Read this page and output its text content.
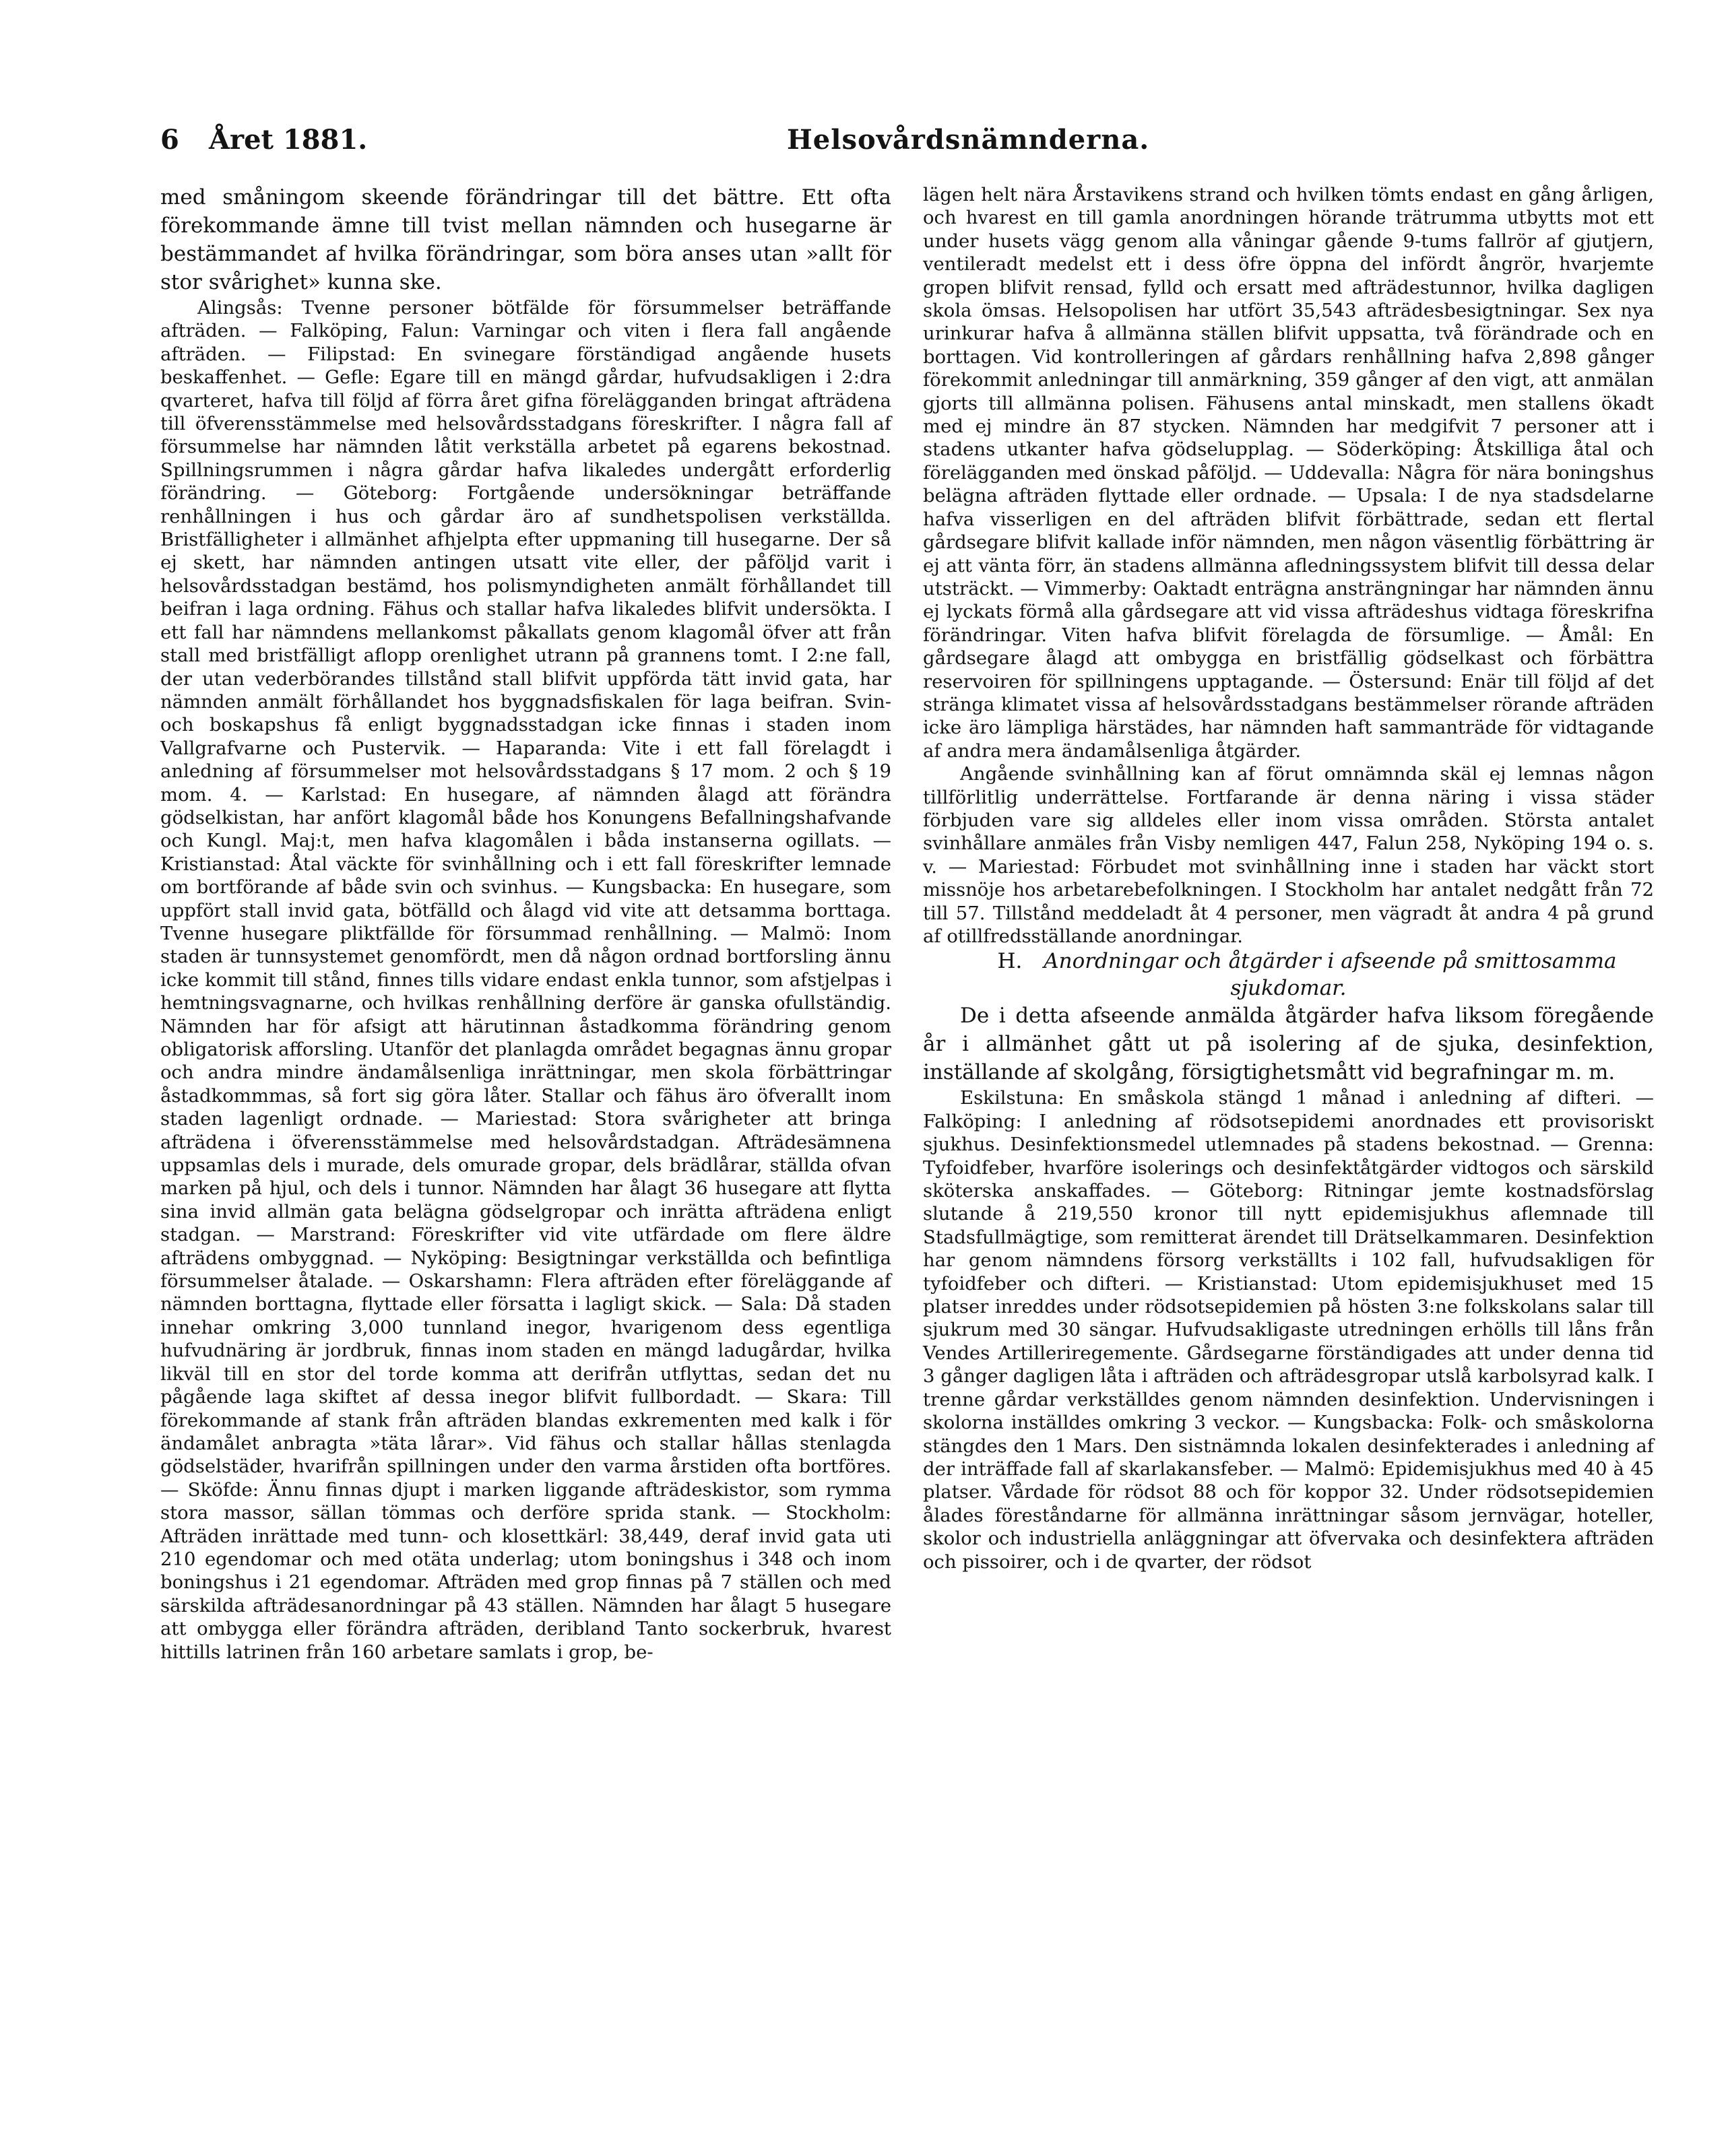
6 Året 1881.	Helsovårdsnämnderna.

med småningom skeende förändringar till det bättre. Ett ofta förekommande ämne till tvist mellan nämnden och husegarne är bestämmandet af hvilka förändringar, som böra anses utan »allt för stor svårighet» kunna ske.

Alingsås: Tvenne personer bötfälde för försummelser beträffande afträden. — Falköping, Falun: Varningar och viten i flera fall angående afträden. — Filipstad: En svinegare förständigad angående husets beskaffenhet. — Gefle: Egare till en mängd gårdar, hufvudsakligen i 2:dra qvarteret, hafva till följd af förra året gifna förelägganden bringat afträdena till öfverensstämmelse med helsovårdsstadgans föreskrifter. I några fall af försummelse har nämnden låtit verkställa arbetet på egarens bekostnad. Spillningsrummen i några gårdar hafva likaledes undergått erforderlig förändring. — Göteborg: Fortgående undersökningar beträffande renhållningen i hus och gårdar äro af sundhetspolisen verkställda. Bristfälligheter i allmänhet afhjelpta efter uppmaning till husegarne. Der så ej skett, har nämnden antingen utsatt vite eller, der påföljd varit i helsovårdsstadgan bestämd, hos polismyndigheten anmält förhållandet till beifran i laga ordning. Fähus och stallar hafva likaledes blifvit undersökta. I ett fall har nämndens mellankomst påkallats genom klagomål öfver att från stall med bristfälligt aflopp orenlighet utrann på grannens tomt. I 2:ne fall, der utan vederbörandes tillstånd stall blifvit uppförda tätt invid gata, har nämnden anmält förhållandet hos byggnadsfiskalen för laga beifran. Svin- och boskapshus få enligt byggnadsstadgan icke finnas i staden inom Vallgrafvarne och Pustervik. — Haparanda: Vite i ett fall förelagdt i anledning af försummelser mot helsovårdsstadgans § 17 mom. 2 och § 19 mom. 4. — Karlstad: En husegare, af nämnden ålagd att förändra gödselkistan, har anfört klagomål både hos Konungens Befallningshafvande och Kungl. Maj:t, men hafva klagomålen i båda instanserna ogillats. — Kristianstad: Åtal väckte för svinhållning och i ett fall föreskrifter lemnade om bortförande af både svin och svinhus. — Kungsbacka: En husegare, som uppfört stall invid gata, bötfälld och ålagd vid vite att detsamma borttaga. Tvenne husegare pliktfällde för försummad renhållning. — Malmö: Inom staden är tunnsystemet genomfördt, men då någon ordnad bortforsling ännu icke kommit till stånd, finnes tills vidare endast enkla tunnor, som afstjelpas i hemtningsvagnarne, och hvilkas renhållning derföre är ganska ofullständig. Nämnden har för afsigt att härutinnan åstadkomma förändring genom obligatorisk afforsling. Utanför det planlagda området begagnas ännu gropar och andra mindre ändamålsenliga inrättningar, men skola förbättringar åstadkommmas, så fort sig göra låter. Stallar och fähus äro öfverallt inom staden lagenligt ordnade. — Mariestad: Stora svårigheter att bringa afträdena i öfverensstämmelse med helsovårdstadgan. Afträdesämnena uppsamlas dels i murade, dels omurade gropar, dels brädlårar, ställda ofvan marken på hjul, och dels i tunnor. Nämnden har ålagt 36 husegare att flytta sina invid allmän gata belägna gödselgropar och inrätta afträdena enligt stadgan. — Marstrand: Föreskrifter vid vite utfärdade om flere äldre afträdens ombyggnad. — Nyköping: Besigtningar verkställda och befintliga försummelser åtalade. — Oskarshamn: Flera afträden efter föreläggande af nämnden borttagna, flyttade eller försatta i lagligt skick. — Sala: Då staden innehar omkring 3,000 tunnland inegor, hvarigenom dess egentliga hufvudnäring är jordbruk, finnas inom staden en mängd ladugårdar, hvilka likväl till en stor del torde komma att derifrån utflyttas, sedan det nu pågående laga skiftet af dessa inegor blifvit fullbordadt. — Skara: Till förekommande af stank från afträden blandas exkrementen med kalk i för ändamålet anbragta »täta lårar». Vid fähus och stallar hållas stenlagda gödselstäder, hvarifrån spillningen under den varma årstiden ofta bortföres. — Sköfde: Ännu finnas djupt i marken liggande afträdeskistor, som rymma stora massor, sällan tömmas och derföre sprida stank. — Stockholm: Afträden inrättade med tunn- och klosettkärl: 38,449, deraf invid gata uti 210 egendomar och med otäta underlag; utom boningshus i 348 och inom boningshus i 21 egendomar. Afträden med grop finnas på 7 ställen och med särskilda afträdesanordningar på 43 ställen. Nämnden har ålagt 5 husegare att ombygga eller förändra afträden, deribland Tanto sockerbruk, hvarest hittills latrinen från 160 arbetare samlats i grop, be-

lägen helt nära Årstavikens strand och hvilken tömts endast en gång årligen, och hvarest en till gamla anordningen hörande trätrumma utbytts mot ett under husets vägg genom alla våningar gående 9-tums fallrör af gjutjern, ventileradt medelst ett i dess öfre öppna del infördt ångrör, hvarjemte gropen blifvit rensad, fylld och ersatt med afträdestunnor, hvilka dagligen skola ömsas. Helsopolisen har utfört 35,543 afträdesbesigtningar. Sex nya urinkurar hafva å allmänna ställen blifvit uppsatta, två förändrade och en borttagen. Vid kontrolleringen af gårdars renhållning hafva 2,898 gånger förekommit anledningar till anmärkning, 359 gånger af den vigt, att anmälan gjorts till allmänna polisen. Fähusens antal minskadt, men stallens ökadt med ej mindre än 87 stycken. Nämnden har medgifvit 7 personer att i stadens utkanter hafva gödselupplag. — Söderköping: Åtskilliga åtal och förelägganden med önskad påföljd. — Uddevalla: Några för nära boningshus belägna afträden flyttade eller ordnade. — Upsala: I de nya stadsdelarne hafva visserligen en del afträden blifvit förbättrade, sedan ett flertal gårdsegare blifvit kallade inför nämnden, men någon väsentlig förbättring är ej att vänta förr, än stadens allmänna afledningssystem blifvit till dessa delar utsträckt. — Vimmerby: Oaktadt enträgna ansträngningar har nämnden ännu ej lyckats förmå alla gårdsegare att vid vissa afträdeshus vidtaga föreskrifna förändringar. Viten hafva blifvit förelagda de försumlige. — Åmål: En gårdsegare ålagd att ombygga en bristfällig gödselkast och förbättra reservoiren för spillningens upptagande. — Östersund: Enär till följd af det stränga klimatet vissa af helsovårdsstadgans bestämmelser rörande afträden icke äro lämpliga härstädes, har nämnden haft sammanträde för vidtagande af andra mera ändamålsenliga åtgärder.

Angående svinhållning kan af förut omnämnda skäl ej lemnas någon tillförlitlig underrättelse. Fortfarande är denna näring i vissa städer förbjuden vare sig alldeles eller inom vissa områden. Största antalet svinhållare anmäles från Visby nemligen 447, Falun 258, Nyköping 194 o. s. v. — Mariestad: Förbudet mot svinhållning inne i staden har väckt stort missnöje hos arbetarebefolkningen. I Stockholm har antalet nedgått från 72 till 57. Tillstånd meddeladt åt 4 personer, men vägradt åt andra 4 på grund af otillfredsställande anordningar.

H. Anordningar och åtgärder i afseende på smittosamma sjukdomar.

De i detta afseende anmälda åtgärder hafva liksom föregående år i allmänhet gått ut på isolering af de sjuka, desinfektion, inställande af skolgång, försigtighetsmått vid begrafningar m. m.

Eskilstuna: En småskola stängd 1 månad i anledning af difteri. — Falköping: I anledning af rödsotsepidemi anordnades ett provisoriskt sjukhus. Desinfektionsmedel utlemnades på stadens bekostnad. — Grenna: Tyfoidfeber, hvarföre isolerings och desinfektåtgärder vidtogos och särskild sköterska anskaffades. — Göteborg: Ritningar jemte kostnadsförslag slutande å 219,550 kronor till nytt epidemisjukhus aflemnade till Stadsfullmägtige, som remitterat ärendet till Drätselkammaren. Desinfektion har genom nämndens försorg verkställts i 102 fall, hufvudsakligen för tyfoidfeber och difteri. — Kristianstad: Utom epidemisjukhuset med 15 platser inreddes under rödsotsepidemien på hösten 3:ne folkskolans salar till sjukrum med 30 sängar. Hufvudsakligaste utredningen erhölls till låns från Vendes Artilleriregemente. Gårdsegarne förständigades att under denna tid 3 gånger dagligen låta i afträden och afträdesgropar utslå karbolsyrad kalk. I trenne gårdar verkställdes genom nämnden desinfektion. Undervisningen i skolorna inställdes omkring 3 veckor. — Kungsbacka: Folk- och småskolorna stängdes den 1 Mars. Den sistnämnda lokalen desinfekterades i anledning af der inträffade fall af skarlakansfeber. — Malmö: Epidemisjukhus med 40 à 45 platser. Vårdade för rödsot 88 och för koppor 32. Under rödsotsepidemien ålades föreståndarne för allmänna inrättningar såsom jernvägar, hoteller, skolor och industriella anläggningar att öfvervaka och desinfektera afträden och pissoirer, och i de qvarter, der rödsot
